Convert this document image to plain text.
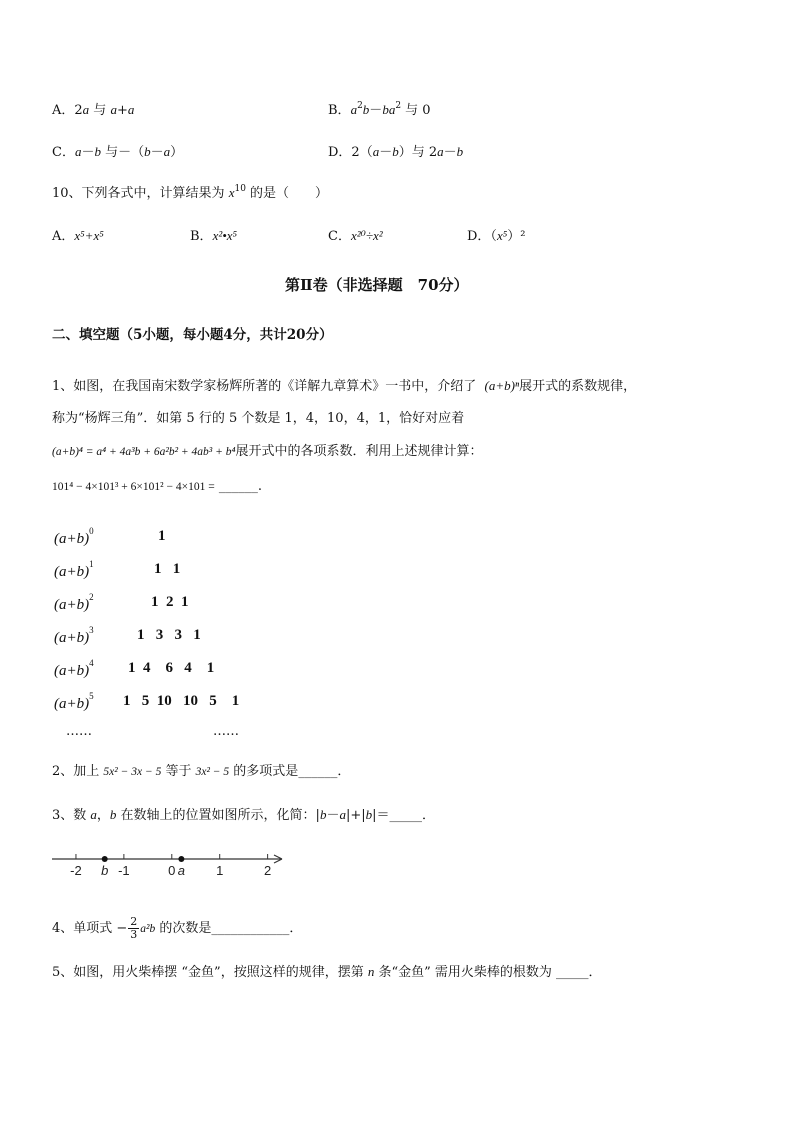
A．2a 与 a+a	B．$a^2b-ba^2$ 与 0
C．a－b 与－（b－a）	D．2（a－b）与 2a－b
10、下列各式中，计算结果为 $x^{10}$ 的是（　　）
A．x⁵+x⁵	B．x²•x⁵	C．x²⁰÷x²	D．（x⁵）²
第Ⅱ卷（非选择题　70分）
二、填空题（5小题，每小题4分，共计20分）
1、如图，在我国南宋数学家杨辉所著的《详解九章算术》一书中，介绍了 (a+b)ⁿ展开式的系数规律，
称为“杨辉三角”．如第 5 行的 5 个数是 1，4，10，4，1，恰好对应着
(a+b)⁴ = a⁴ + 4a³b + 6a²b² + 4ab³ + b⁴展开式中的各项系数．利用上述规律计算：
101⁴ − 4×101³ + 6×101² − 4×101 = ______.
$(a+b)^0$	1
$(a+b)^1$	1   1
$(a+b)^2$	1  2  1
$(a+b)^3$	1   3   3   1
$(a+b)^4$ 1  4    6   4    1
$(a+b)^5$ 1   5  10   10   5    1
……	……
2、加上 5x² − 3x − 5 等于 3x² − 5 的多项式是______．
3、数 a，b 在数轴上的位置如图所示，化简：|b－a|+|b|＝_____．
-2	-1	0	1	2
b	a
4、单项式 − $\frac{2}{3} a^2b$ 的次数是____________．
5、如图，用火柴棒摆 “金鱼”，按照这样的规律，摆第 n 条“金鱼” 需用火柴棒的根数为 _____．
